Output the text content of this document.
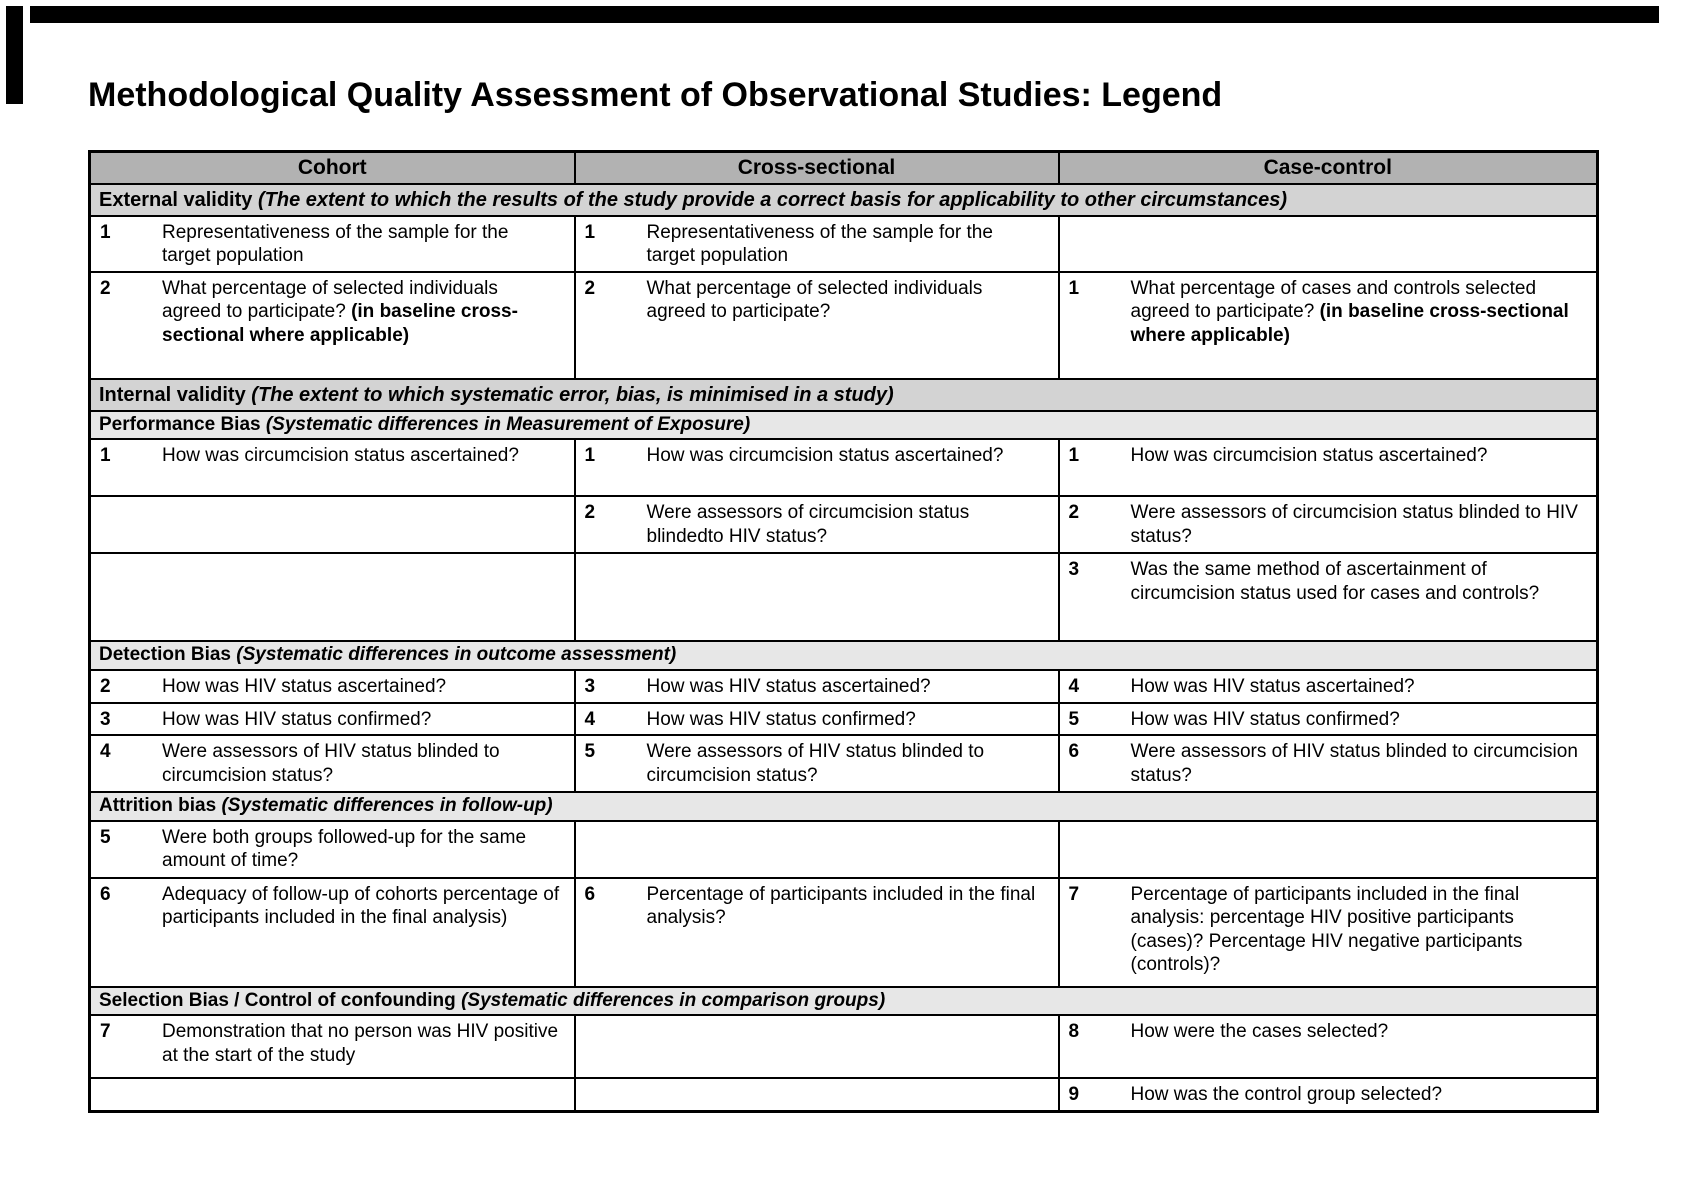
Methodological Quality Assessment of Observational Studies: Legend
Cohort	Cross-sectional	Case-control
External validity (The extent to which the results of the study provide a correct basis for applicability to other circumstances)		

1 Representativeness of the sample for the target population	1 Representativeness of the sample for the target population	

2 What percentage of selected individuals agreed to participate? (in baseline cross-sectional where applicable)	2 What percentage of selected individuals agreed to participate?	1 What percentage of cases and controls selected agreed to participate? (in baseline cross-sectional where applicable)

Internal validity (The extent to which systematic error, bias, is minimised in a study)		
Performance Bias (Systematic differences in Measurement of Exposure)		

1 How was circumcision status ascertained?	1 How was circumcision status ascertained?	1 How was circumcision status ascertained?

	2 Were assessors of circumcision status blindedto HIV status?	2 Were assessors of circumcision status blinded to HIV status?

		3 Was the same method of ascertainment of circumcision status used for cases and controls?

Detection Bias (Systematic differences in outcome assessment)		

2 How was HIV status ascertained?	3 How was HIV status ascertained?	4 How was HIV status ascertained?

3 How was HIV status confirmed?	4 How was HIV status confirmed?	5 How was HIV status confirmed?

4 Were assessors of HIV status blinded to circumcision status?	5 Were assessors of HIV status blinded to circumcision status?	6 Were assessors of HIV status blinded to circumcision status?

Attrition bias (Systematic differences in follow-up)		

5 Were both groups followed-up for the same amount of time?		

6 Adequacy of follow-up of cohorts percentage of participants included in the final analysis)	6 Percentage of participants included in the final analysis?	7 Percentage of participants included in the final analysis: percentage HIV positive participants (cases)? Percentage HIV negative participants (controls)?

Selection Bias / Control of confounding (Systematic differences in comparison groups)		

7 Demonstration that no person was HIV positive at the start of the study		8 How were the cases selected?

		9 How was the control group selected?
